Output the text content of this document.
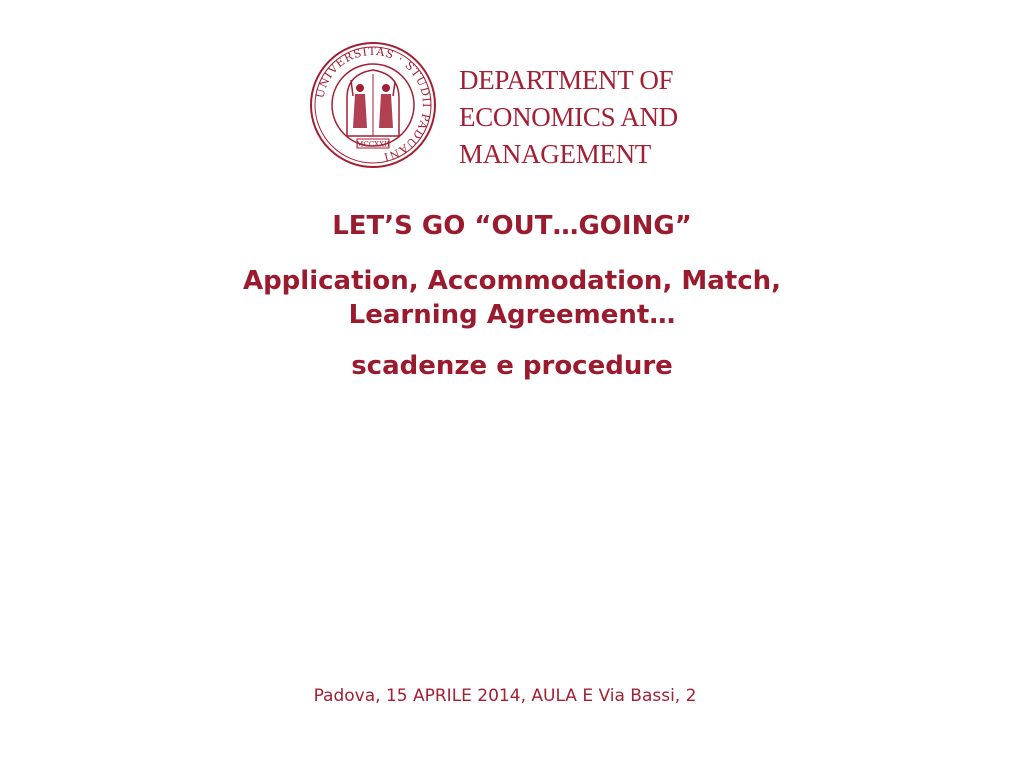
UNIVERSITAS · STUDII PADUANI
MCCXXII
DEPARTMENT OF
ECONOMICS AND
MANAGEMENT
LET’S GO “OUT…GOING”
Application, Accommodation, Match,
Learning Agreement…
scadenze e procedure
Padova, 15 APRILE 2014, AULA E Via Bassi, 2
